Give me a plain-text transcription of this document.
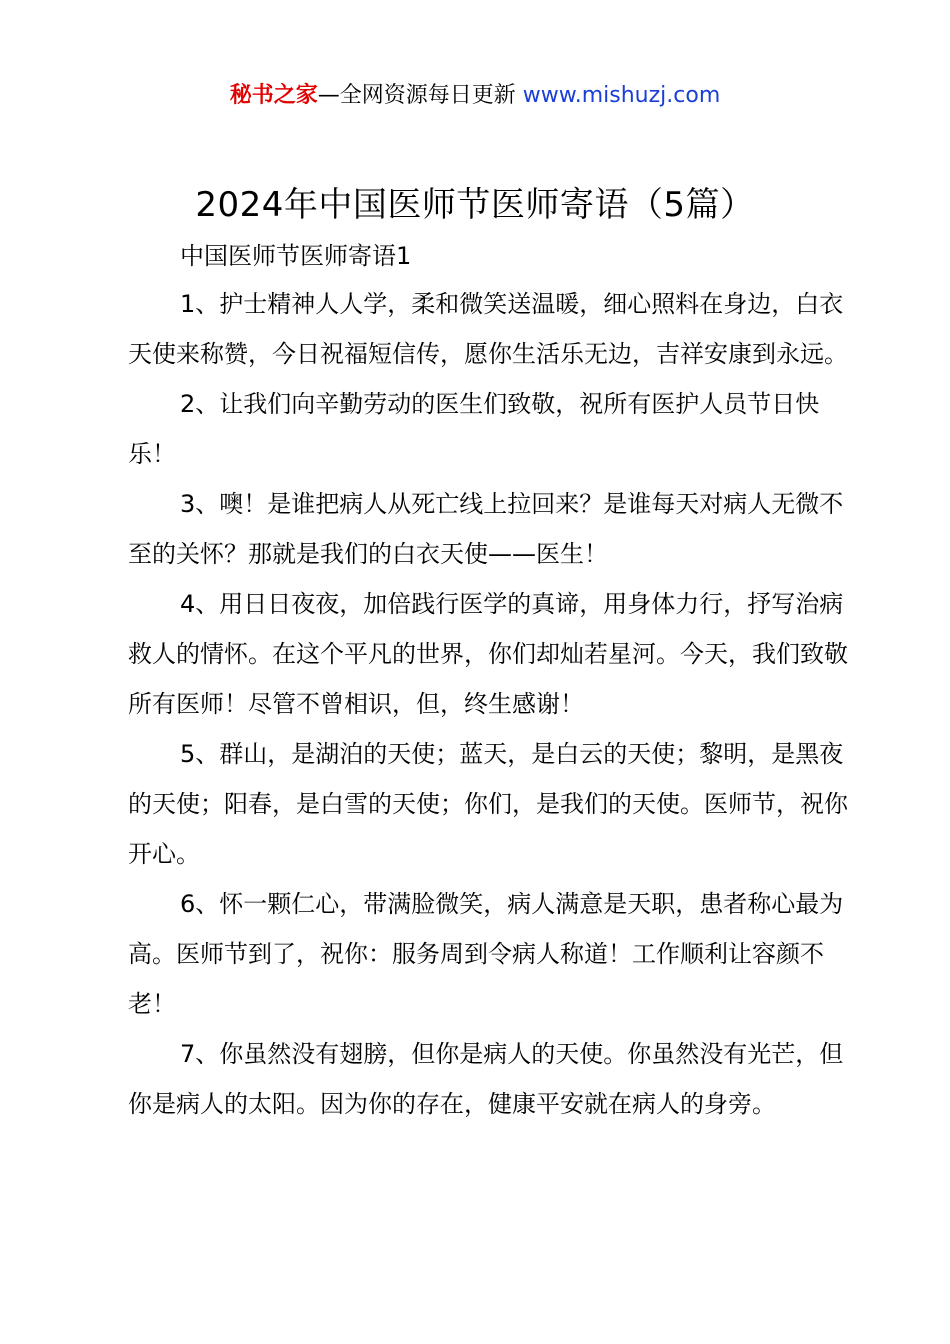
秘书之家—全网资源每日更新 www.mishuzj.com
2024年中国医师节医师寄语（5篇）

中国医师节医师寄语1

1、护士精神人人学，柔和微笑送温暖，细心照料在身边，白衣天使来称赞，今日祝福短信传，愿你生活乐无边，吉祥安康到永远。

2、让我们向辛勤劳动的医生们致敬，祝所有医护人员节日快乐！

3、噢！是谁把病人从死亡线上拉回来？是谁每天对病人无微不至的关怀？那就是我们的白衣天使——医生！

4、用日日夜夜，加倍践行医学的真谛，用身体力行，抒写治病救人的情怀。在这个平凡的世界，你们却灿若星河。今天，我们致敬所有医师！尽管不曾相识，但，终生感谢！

5、群山，是湖泊的天使；蓝天，是白云的天使；黎明，是黑夜的天使；阳春，是白雪的天使；你们，是我们的天使。医师节，祝你开心。

6、怀一颗仁心，带满脸微笑，病人满意是天职，患者称心最为高。医师节到了，祝你：服务周到令病人称道！工作顺利让容颜不老！

7、你虽然没有翅膀，但你是病人的天使。你虽然没有光芒，但你是病人的太阳。因为你的存在，健康平安就在病人的身旁。
